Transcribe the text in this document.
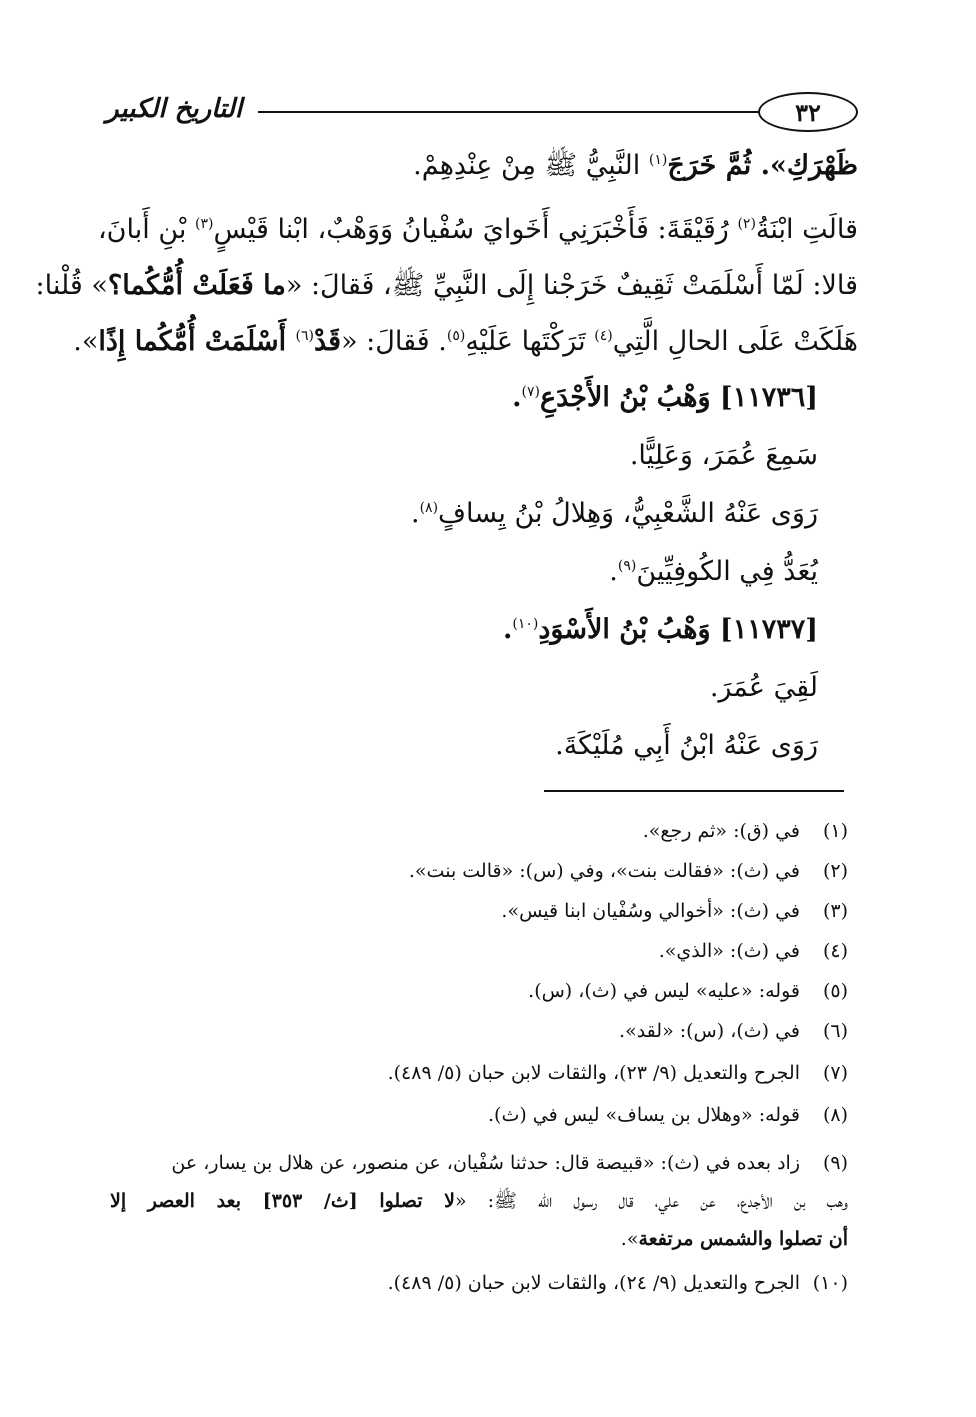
٣٢
التاريخ الكبير
ظَهْرَكِ». ثُمَّ خَرَجَ$^{(١)}$ النَّبِيُّ ﷺ مِنْ عِنْدِهِمْ.
قالَتِ ابْنَةُ$^{(٢)}$ رُقَيْقَةَ: فَأَخْبَرَنِي أَخَوايَ سُفْيانُ وَوَهْبٌ، ابْنا قَيْسٍ$^{(٣)}$ بْنِ أَبانَ،
قالا: لَمّا أَسْلَمَتْ ثَقِيفٌ خَرَجْنا إِلَى النَّبِيِّ ﷺ، فَقالَ: «ما فَعَلَتْ أُمُّكُما؟» قُلْنا:
هَلَكَتْ عَلَى الحالِ الَّتِي$^{(٤)}$ تَرَكْتَها عَلَيْهِ$^{(٥)}$. فَقالَ: «قَدْ$^{(٦)}$ أَسْلَمَتْ أُمُّكُما إِذًا».
[١١٧٣٦] وَهْبُ بْنُ الأَجْدَعِ$^{(٧)}$.
سَمِعَ عُمَرَ، وَعَلِيًّا.
رَوَى عَنْهُ الشَّعْبِيُّ، وَهِلالُ بْنُ يِسافٍ$^{(٨)}$.
يُعَدُّ فِي الكُوفِيِّينَ$^{(٩)}$.
[١١٧٣٧] وَهْبُ بْنُ الأَسْوَدِ$^{(١٠)}$.
لَقِيَ عُمَرَ.
رَوَى عَنْهُ ابْنُ أَبِي مُلَيْكَةَ.
(١)
في (ق): «ثم رجع».
(٢)
في (ث): «فقالت بنت»، وفي (س): «قالت بنت».
(٣)
في (ث): «أخوالي وسُفْيان ابنا قيس».
(٤)
في (ث): «الذي».
(٥)
قوله: «عليه» ليس في (ث)، (س).
(٦)
في (ث)، (س): «لقد».
(٧)
الجرح والتعديل (٩/ ٢٣)، والثقات لابن حبان (٥/ ٤٨٩).
(٨)
قوله: «وهلال بن يساف» ليس في (ث).
(٩)
زاد بعده في (ث): «قبيصة قال: حدثنا سُفْيان، عن منصور، عن هلال بن يسار، عن
وهب بن الأجدع، عن علي، قال رسول الله ﷺ: «لا تصلوا [ث/ ٣٥٣] بعد العصر إلا
أن تصلوا والشمس مرتفعة».
(١٠)
الجرح والتعديل (٩/ ٢٤)، والثقات لابن حبان (٥/ ٤٨٩).
